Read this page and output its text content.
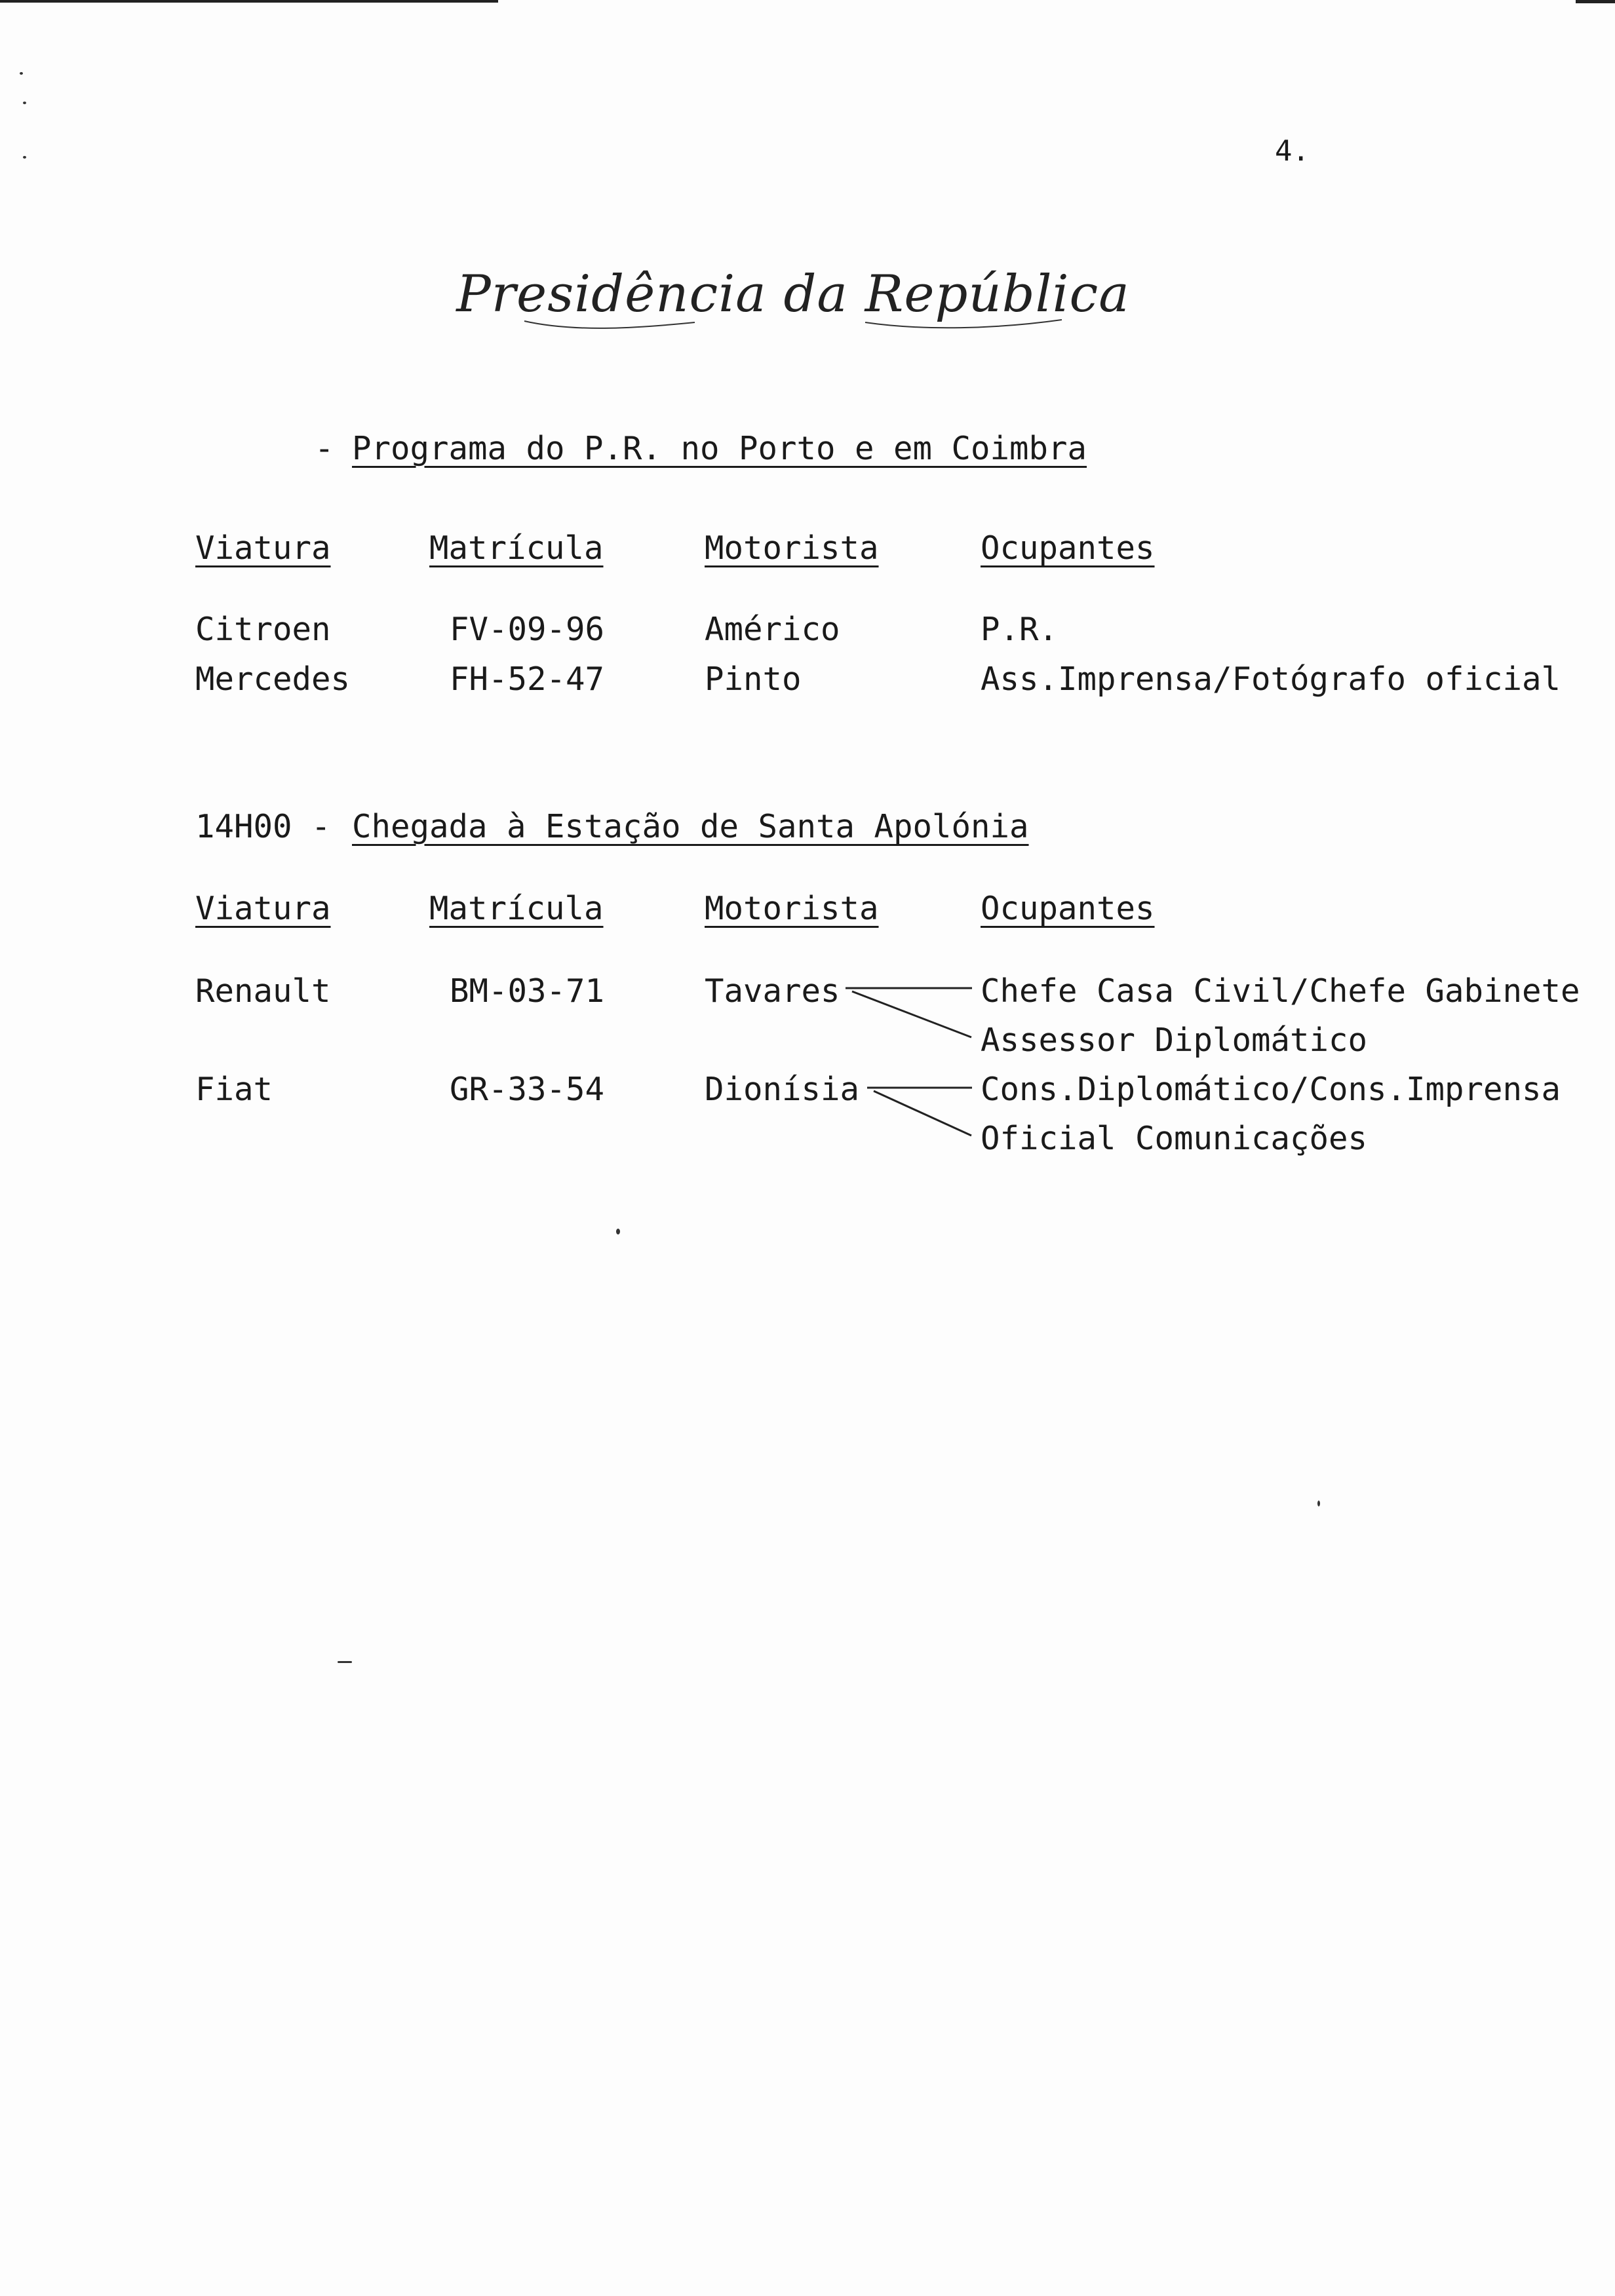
4.
Presidência da República
- Programa do P.R. no Porto e em Coimbra
Viatura	Matrícula	Motorista	Ocupantes
Citroen	FV-09-96	Américo	P.R.
Mercedes	FH-52-47	Pinto	Ass.Imprensa/Fotógrafo oficial
14H00 - Chegada à Estação de Santa Apolónia
Viatura	Matrícula	Motorista	Ocupantes
Renault	BM-03-71	Tavares	Chefe Casa Civil/Chefe Gabinete
Assessor Diplomático
Fiat	GR-33-54	Dionísia	Cons.Diplomático/Cons.Imprensa
Oficial Comunicações
